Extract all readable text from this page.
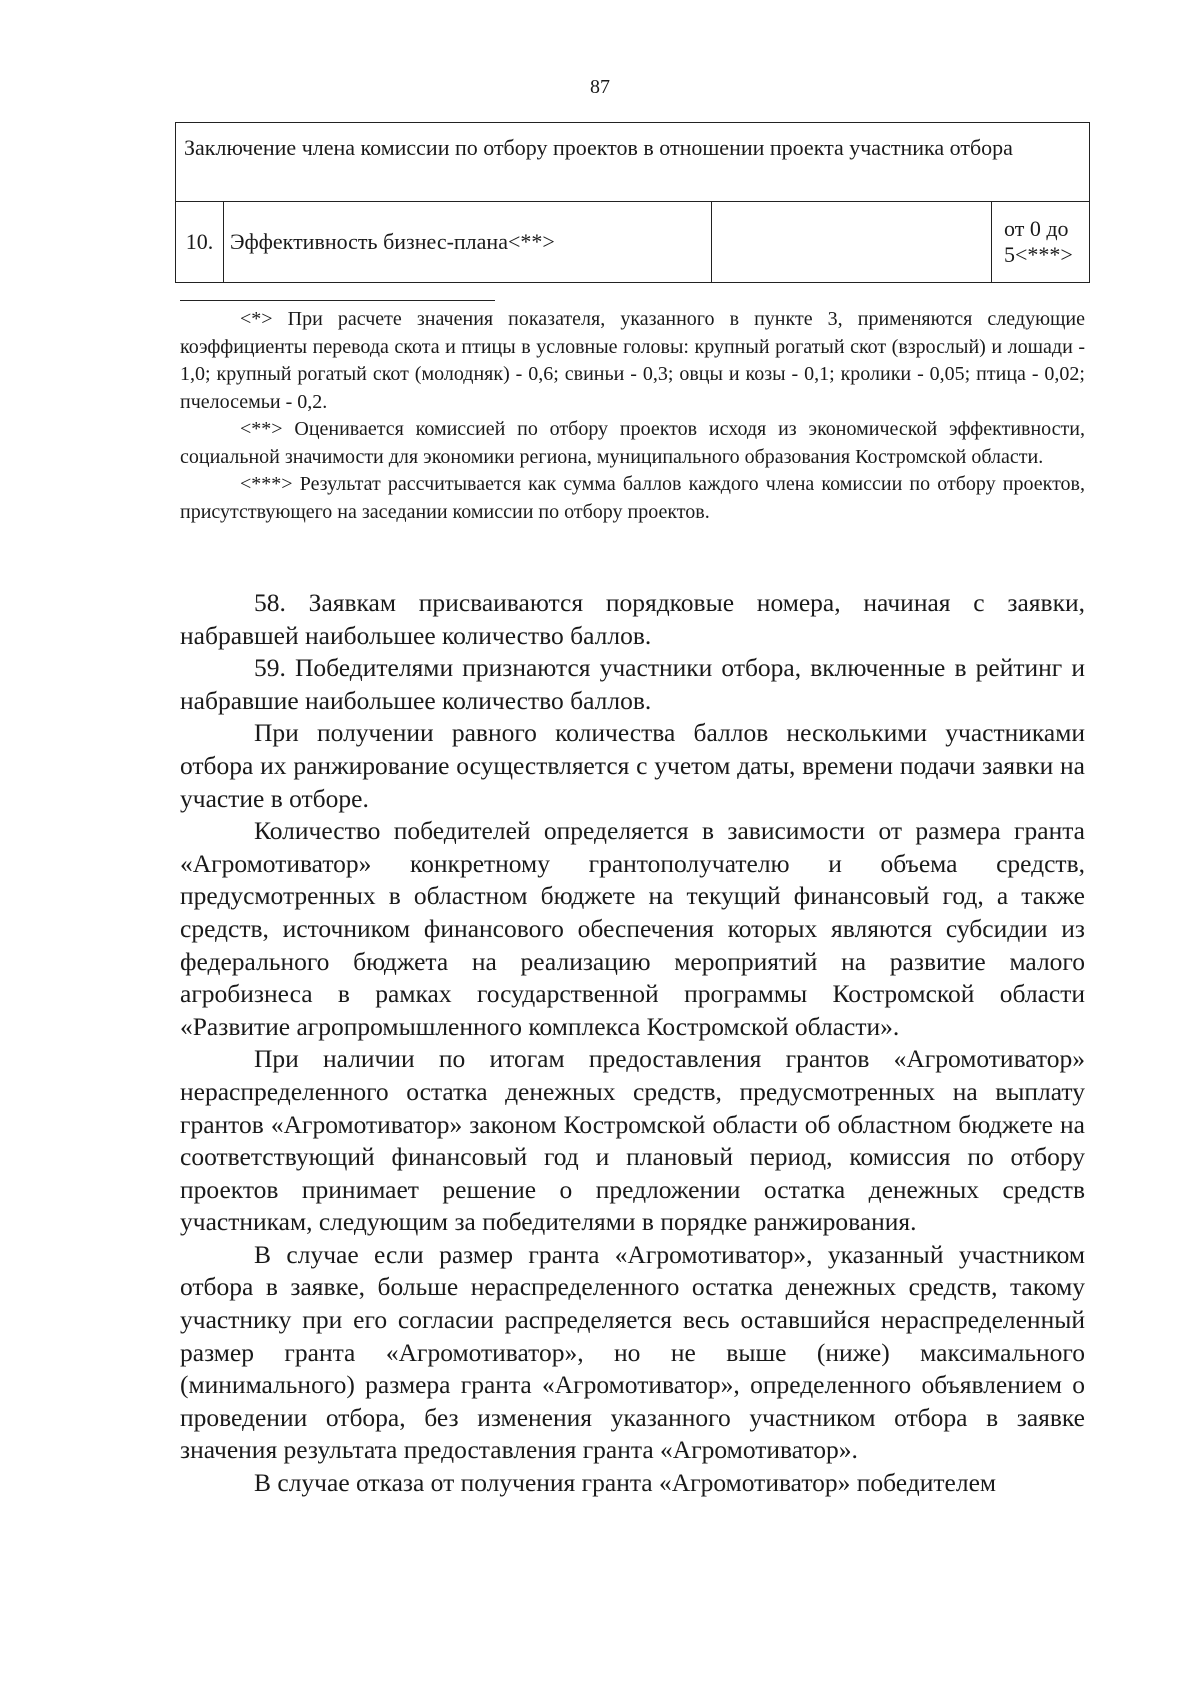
87
Заключение члена комиссии по отбору проектов в отношении проекта участника отбора
10. Эффективность бизнес-плана<**>
от 0 до
5<***>

<*> При расчете значения показателя, указанного в пункте 3, применяются следующие коэффициенты перевода скота и птицы в условные головы: крупный рогатый скот (взрослый) и лошади - 1,0; крупный рогатый скот (молодняк) - 0,6; свиньи - 0,3; овцы и козы - 0,1; кролики - 0,05; птица - 0,02; пчелосемьи - 0,2.

<**> Оценивается комиссией по отбору проектов исходя из экономической эффективности, социальной значимости для экономики региона, муниципального образования Костромской области.

<***> Результат рассчитывается как сумма баллов каждого члена комиссии по отбору проектов, присутствующего на заседании комиссии по отбору проектов.

58. Заявкам присваиваются порядковые номера, начиная с заявки, набравшей наибольшее количество баллов.

59. Победителями признаются участники отбора, включенные в рейтинг и набравшие наибольшее количество баллов.

При получении равного количества баллов несколькими участниками отбора их ранжирование осуществляется с учетом даты, времени подачи заявки на участие в отборе.

Количество победителей определяется в зависимости от размера гранта «Агромотиватор» конкретному грантополучателю и объема средств, предусмотренных в областном бюджете на текущий финансовый год, а также средств, источником финансового обеспечения которых являются субсидии из федерального бюджета на реализацию мероприятий на развитие малого агробизнеса в рамках государственной программы Костромской области «Развитие агропромышленного комплекса Костромской области».

При наличии по итогам предоставления грантов «Агромотиватор» нераспределенного остатка денежных средств, предусмотренных на выплату грантов «Агромотиватор» законом Костромской области об областном бюджете на соответствующий финансовый год и плановый период, комиссия по отбору проектов принимает решение о предложении остатка денежных средств участникам, следующим за победителями в порядке ранжирования.

В случае если размер гранта «Агромотиватор», указанный участником отбора в заявке, больше нераспределенного остатка денежных средств, такому участнику при его согласии распределяется весь оставшийся нераспределенный размер гранта «Агромотиватор», но не выше (ниже) максимального (минимального) размера гранта «Агромотиватор», определенного объявлением о проведении отбора, без изменения указанного участником отбора в заявке значения результата предоставления гранта «Агромотиватор».

В случае отказа от получения гранта «Агромотиватор» победителем
